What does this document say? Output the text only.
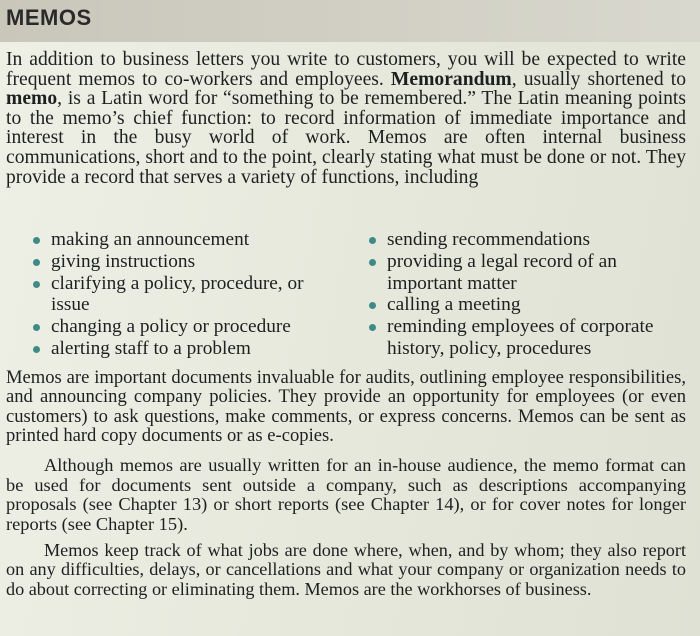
MEMOS

In addition to business letters you write to customers, you will be expected to write frequent memos to co-workers and employees. Memorandum, usually shortened to memo, is a Latin word for “something to be remembered.” The Latin meaning points to the memo’s chief function: to record information of immediate importance and interest in the busy world of work. Memos are often internal business communications, short and to the point, clearly stating what must be done or not. They provide a record that serves a variety of functions, including

making an announcement
giving instructions
clarifying a policy, procedure, or issue
changing a policy or procedure
alerting staff to a problem
sending recommendations
providing a legal record of an important matter
calling a meeting
reminding employees of corporate history, policy, procedures

Memos are important documents invaluable for audits, outlining employee responsibilities, and announcing company policies. They provide an opportunity for employees (or even customers) to ask questions, make comments, or express concerns. Memos can be sent as printed hard copy documents or as e-copies.

Although memos are usually written for an in-house audience, the memo format can be used for documents sent outside a company, such as descriptions accompanying proposals (see Chapter 13) or short reports (see Chapter 14), or for cover notes for longer reports (see Chapter 15).

Memos keep track of what jobs are done where, when, and by whom; they also report on any difficulties, delays, or cancellations and what your company or organization needs to do about correcting or eliminating them. Memos are the workhorses of business.
